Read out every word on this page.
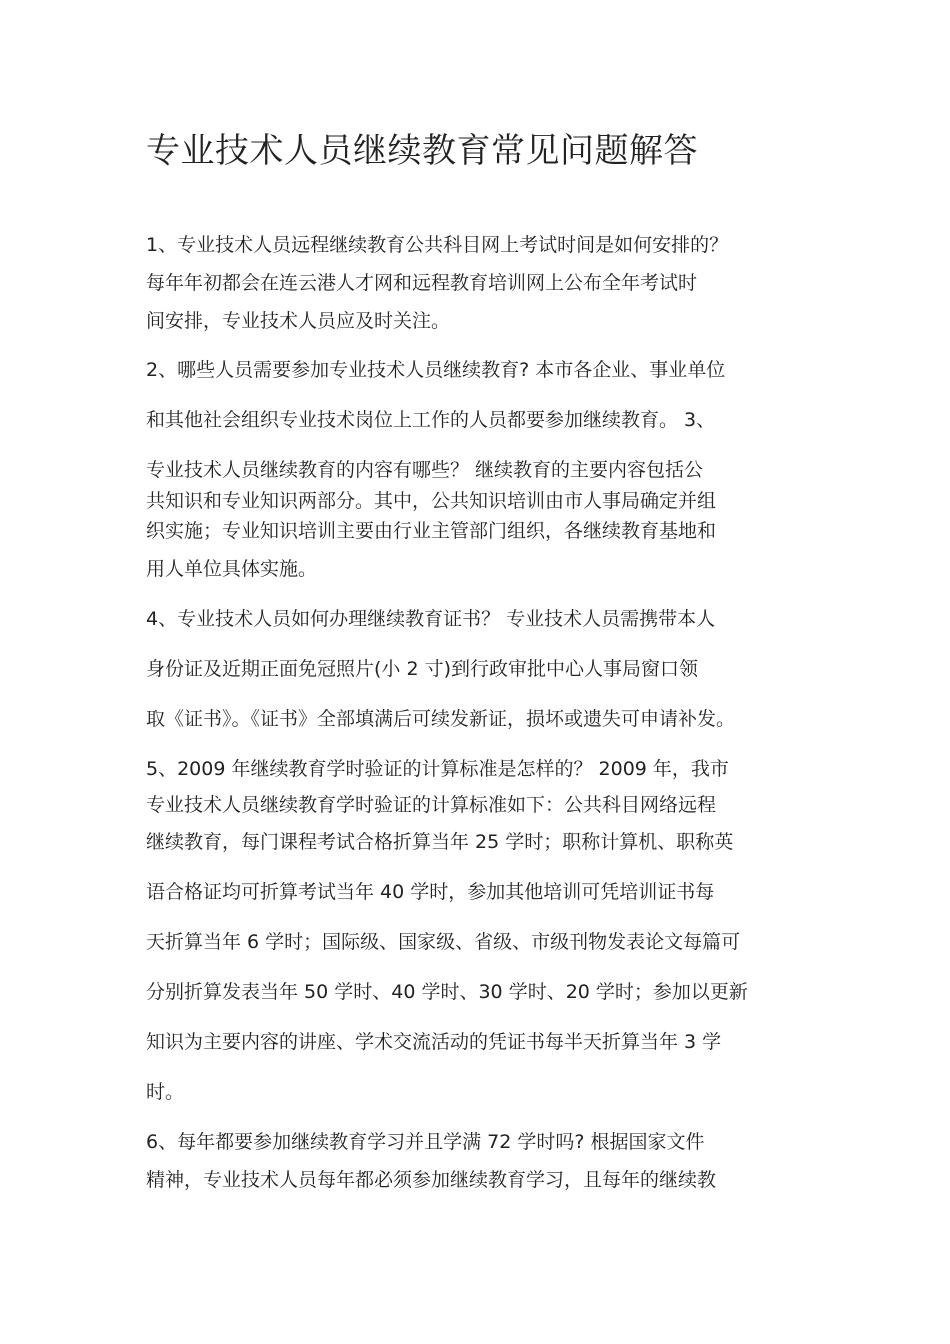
专业技术人员继续教育常见问题解答
1、专业技术人员远程继续教育公共科目网上考试时间是如何安排的？
每年年初都会在连云港人才网和远程教育培训网上公布全年考试时
间安排，专业技术人员应及时关注。
2、哪些人员需要参加专业技术人员继续教育? 本市各企业、事业单位
和其他社会组织专业技术岗位上工作的人员都要参加继续教育。 3、
专业技术人员继续教育的内容有哪些？ 继续教育的主要内容包括公
共知识和专业知识两部分。其中，公共知识培训由市人事局确定并组
织实施；专业知识培训主要由行业主管部门组织，各继续教育基地和
用人单位具体实施。
4、专业技术人员如何办理继续教育证书？ 专业技术人员需携带本人
身份证及近期正面免冠照片(小 2 寸)到行政审批中心人事局窗口领
取《证书》。《证书》全部填满后可续发新证，损坏或遗失可申请补发。
5、2009 年继续教育学时验证的计算标准是怎样的？ 2009 年，我市
专业技术人员继续教育学时验证的计算标准如下：公共科目网络远程
继续教育，每门课程考试合格折算当年 25 学时；职称计算机、职称英
语合格证均可折算考试当年 40 学时，参加其他培训可凭培训证书每
天折算当年 6 学时；国际级、国家级、省级、市级刊物发表论文每篇可
分别折算发表当年 50 学时、40 学时、30 学时、20 学时；参加以更新
知识为主要内容的讲座、学术交流活动的凭证书每半天折算当年 3 学
时。
6、每年都要参加继续教育学习并且学满 72 学时吗? 根据国家文件
精神，专业技术人员每年都必须参加继续教育学习，且每年的继续教
